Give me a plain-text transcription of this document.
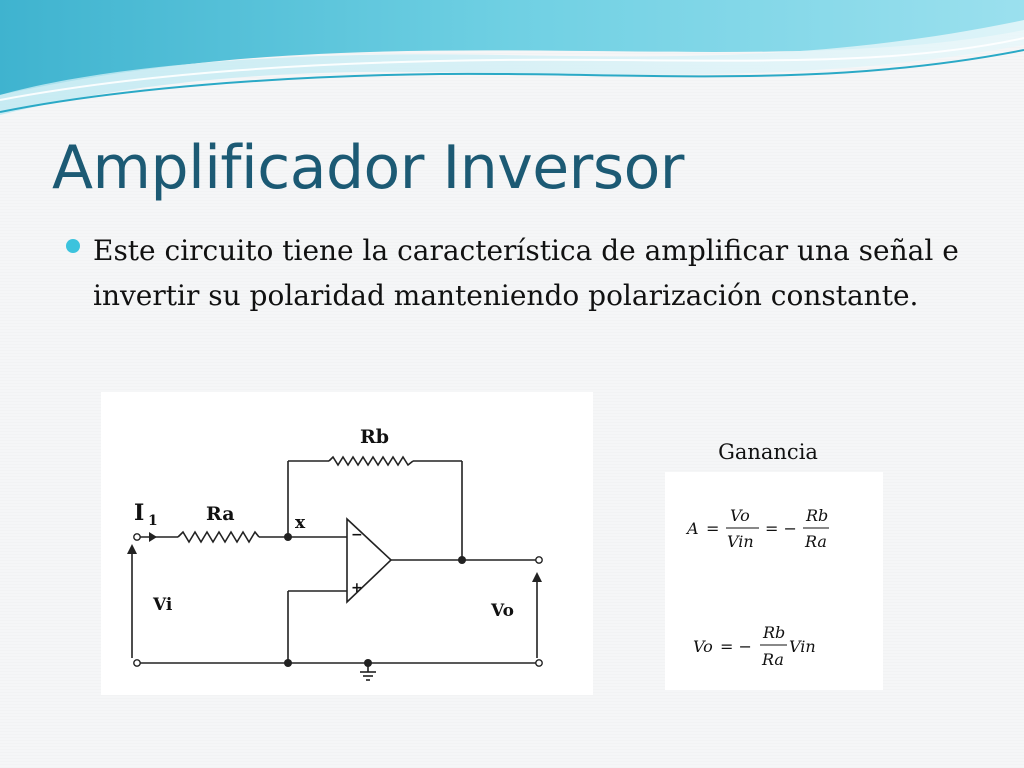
Amplificador Inversor
Este circuito tiene la característica de amplificar una señal e invertir su polaridad manteniendo polarización constante.
Rb
Ra
I 1	x
Vi	Vo
−
+
Ganancia
A =
Vo
Vin
= −
Rb
Ra
Vo = −
Rb
Ra
Vin
